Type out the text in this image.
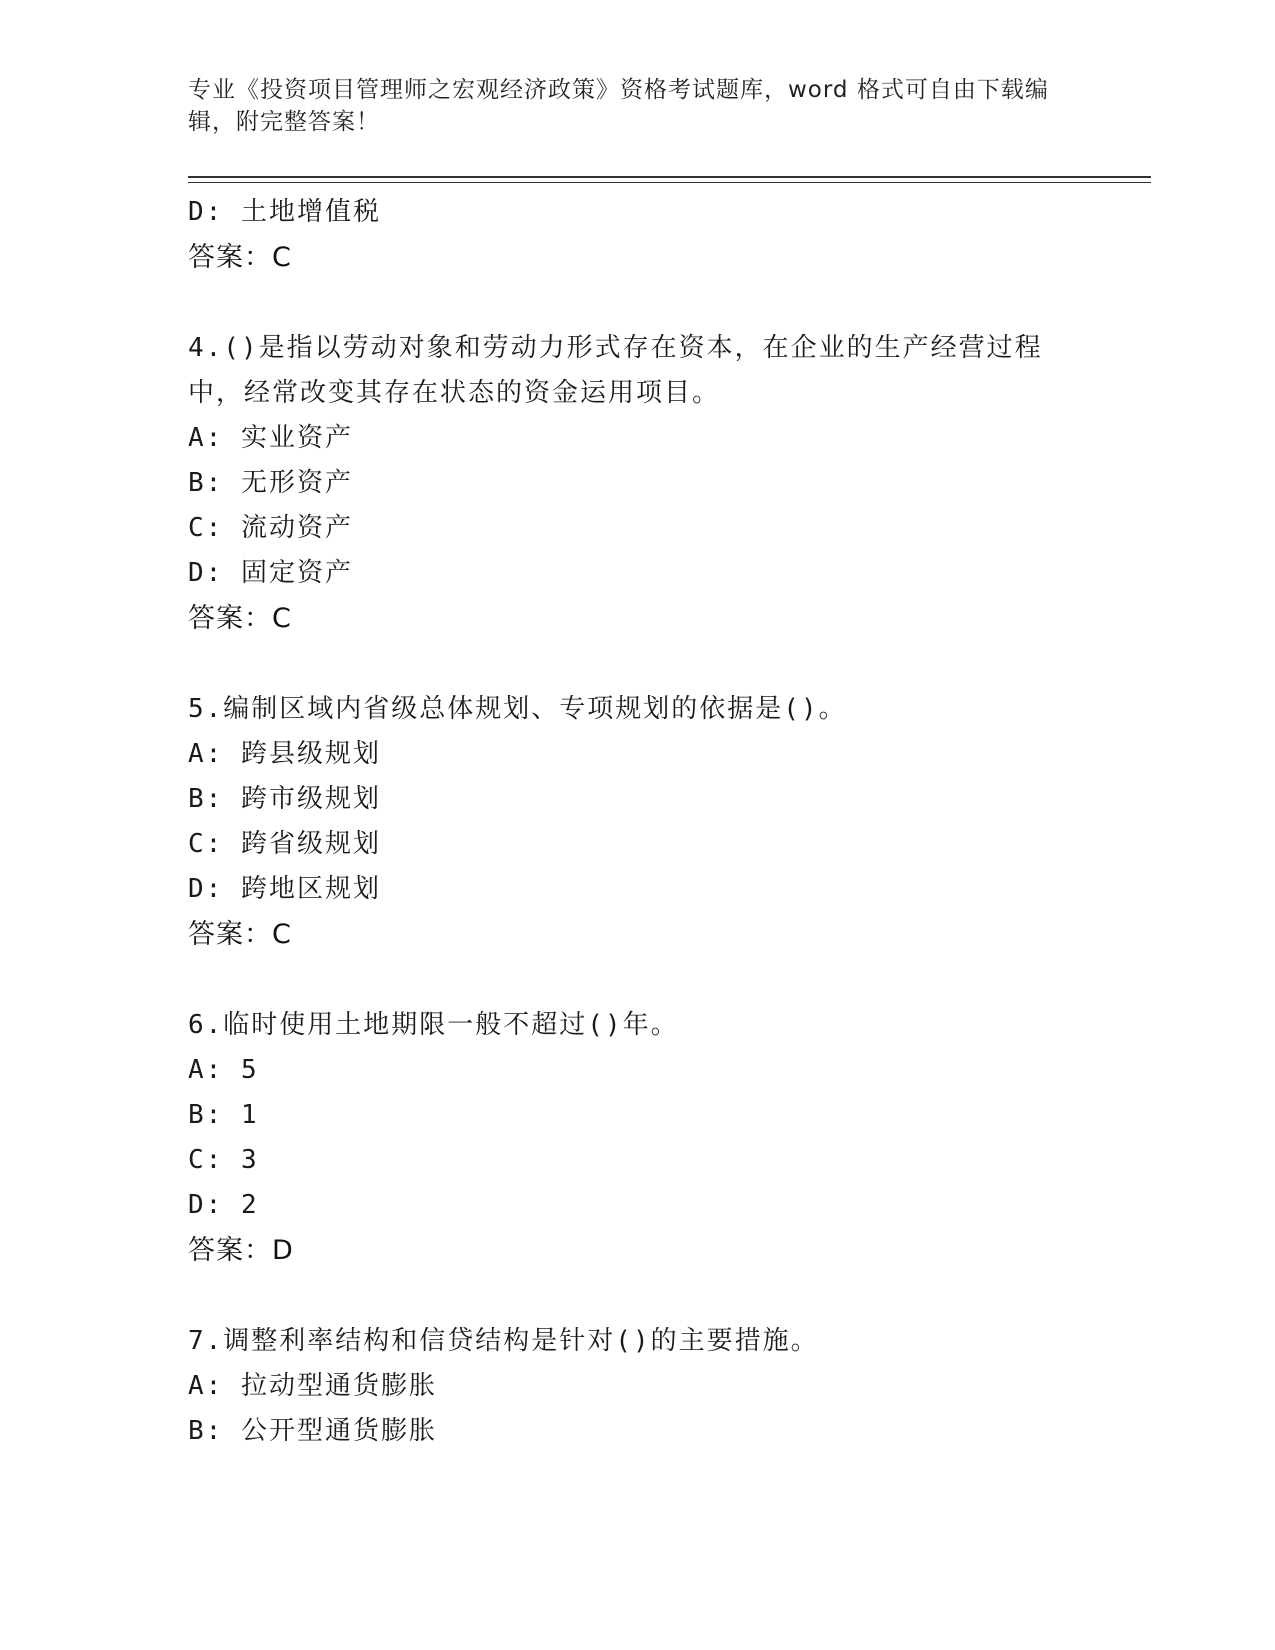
专业《投资项目管理师之宏观经济政策》资格考试题库，word 格式可自由下载编
辑，附完整答案！
D: 土地增值税
答案：C
4.()是指以劳动对象和劳动力形式存在资本，在企业的生产经营过程
中，经常改变其存在状态的资金运用项目。
A: 实业资产
B: 无形资产
C: 流动资产
D: 固定资产
答案：C
5.编制区域内省级总体规划、专项规划的依据是()。
A: 跨县级规划
B: 跨市级规划
C: 跨省级规划
D: 跨地区规划
答案：C
6.临时使用土地期限一般不超过()年。
A: 5
B: 1
C: 3
D: 2
答案：D
7.调整利率结构和信贷结构是针对()的主要措施。
A: 拉动型通货膨胀
B: 公开型通货膨胀
